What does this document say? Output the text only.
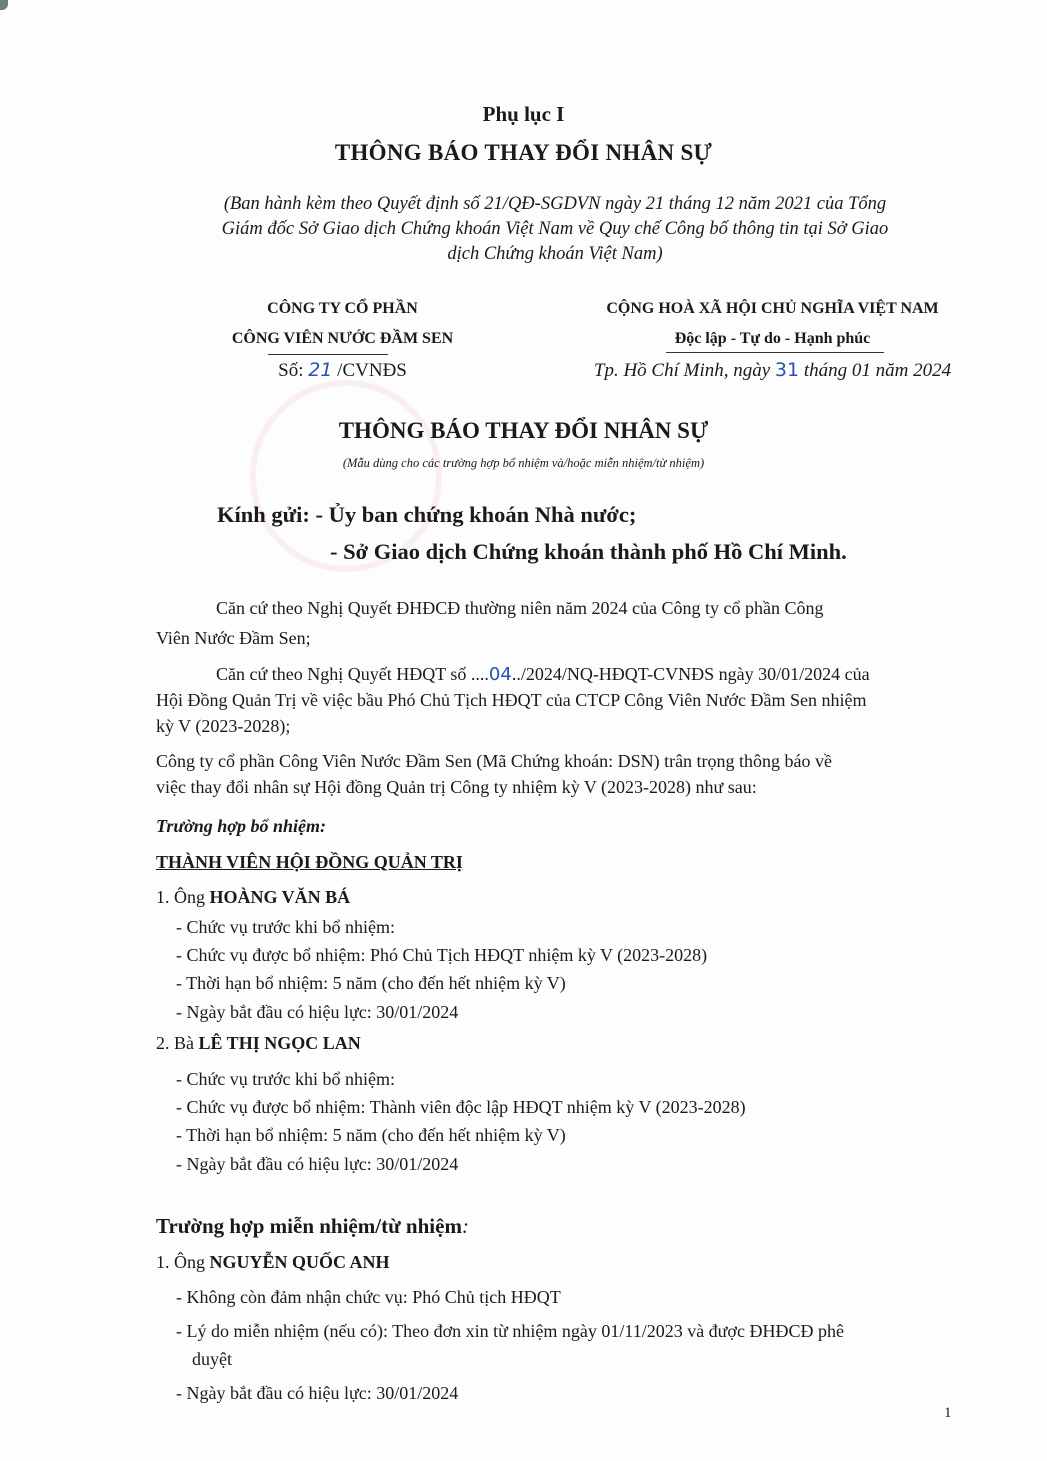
Phụ lục I
THÔNG BÁO THAY ĐỔI NHÂN SỰ
(Ban hành kèm theo Quyết định số 21/QĐ-SGDVN ngày 21 tháng 12 năm 2021 của Tổng
Giám đốc Sở Giao dịch Chứng khoán Việt Nam về Quy chế Công bố thông tin tại Sở Giao
dịch Chứng khoán Việt Nam)
CÔNG TY CỔ PHẦN
CÔNG VIÊN NƯỚC ĐẦM SEN
Số: 21 /CVNĐS
CỘNG HOÀ XÃ HỘI CHỦ NGHĨA VIỆT NAM
Độc lập - Tự do - Hạnh phúc
Tp. Hồ Chí Minh, ngày 31 tháng 01 năm 2024
THÔNG BÁO THAY ĐỔI NHÂN SỰ
(Mẫu dùng cho các trường hợp bổ nhiệm và/hoặc miễn nhiệm/từ nhiệm)
Kính gửi: - Ủy ban chứng khoán Nhà nước;
- Sở Giao dịch Chứng khoán thành phố Hồ Chí Minh.
Căn cứ theo Nghị Quyết ĐHĐCĐ thường niên năm 2024 của Công ty cổ phần Công
Viên Nước Đầm Sen;
Căn cứ theo Nghị Quyết HĐQT số ....04../2024/NQ-HĐQT-CVNĐS ngày 30/01/2024 của
Hội Đồng Quản Trị về việc bầu Phó Chủ Tịch HĐQT của CTCP Công Viên Nước Đầm Sen nhiệm
kỳ V (2023-2028);
Công ty cổ phần Công Viên Nước Đầm Sen (Mã Chứng khoán: DSN) trân trọng thông báo về
việc thay đổi nhân sự Hội đồng Quản trị Công ty nhiệm kỳ V (2023-2028) như sau:
Trường hợp bổ nhiệm:
THÀNH VIÊN HỘI ĐỒNG QUẢN TRỊ
1. Ông HOÀNG VĂN BÁ
- Chức vụ trước khi bổ nhiệm:
- Chức vụ được bổ nhiệm: Phó Chủ Tịch HĐQT nhiệm kỳ V (2023-2028)
- Thời hạn bổ nhiệm: 5 năm (cho đến hết nhiệm kỳ V)
- Ngày bắt đầu có hiệu lực: 30/01/2024
2. Bà LÊ THỊ NGỌC LAN
- Chức vụ trước khi bổ nhiệm:
- Chức vụ được bổ nhiệm: Thành viên độc lập HĐQT nhiệm kỳ V (2023-2028)
- Thời hạn bổ nhiệm: 5 năm (cho đến hết nhiệm kỳ V)
- Ngày bắt đầu có hiệu lực: 30/01/2024
Trường hợp miễn nhiệm/từ nhiệm:
1. Ông NGUYỄN QUỐC ANH
- Không còn đảm nhận chức vụ: Phó Chủ tịch HĐQT
- Lý do miễn nhiệm (nếu có): Theo đơn xin từ nhiệm ngày 01/11/2023 và được ĐHĐCĐ phê
duyệt
- Ngày bắt đầu có hiệu lực: 30/01/2024
1
